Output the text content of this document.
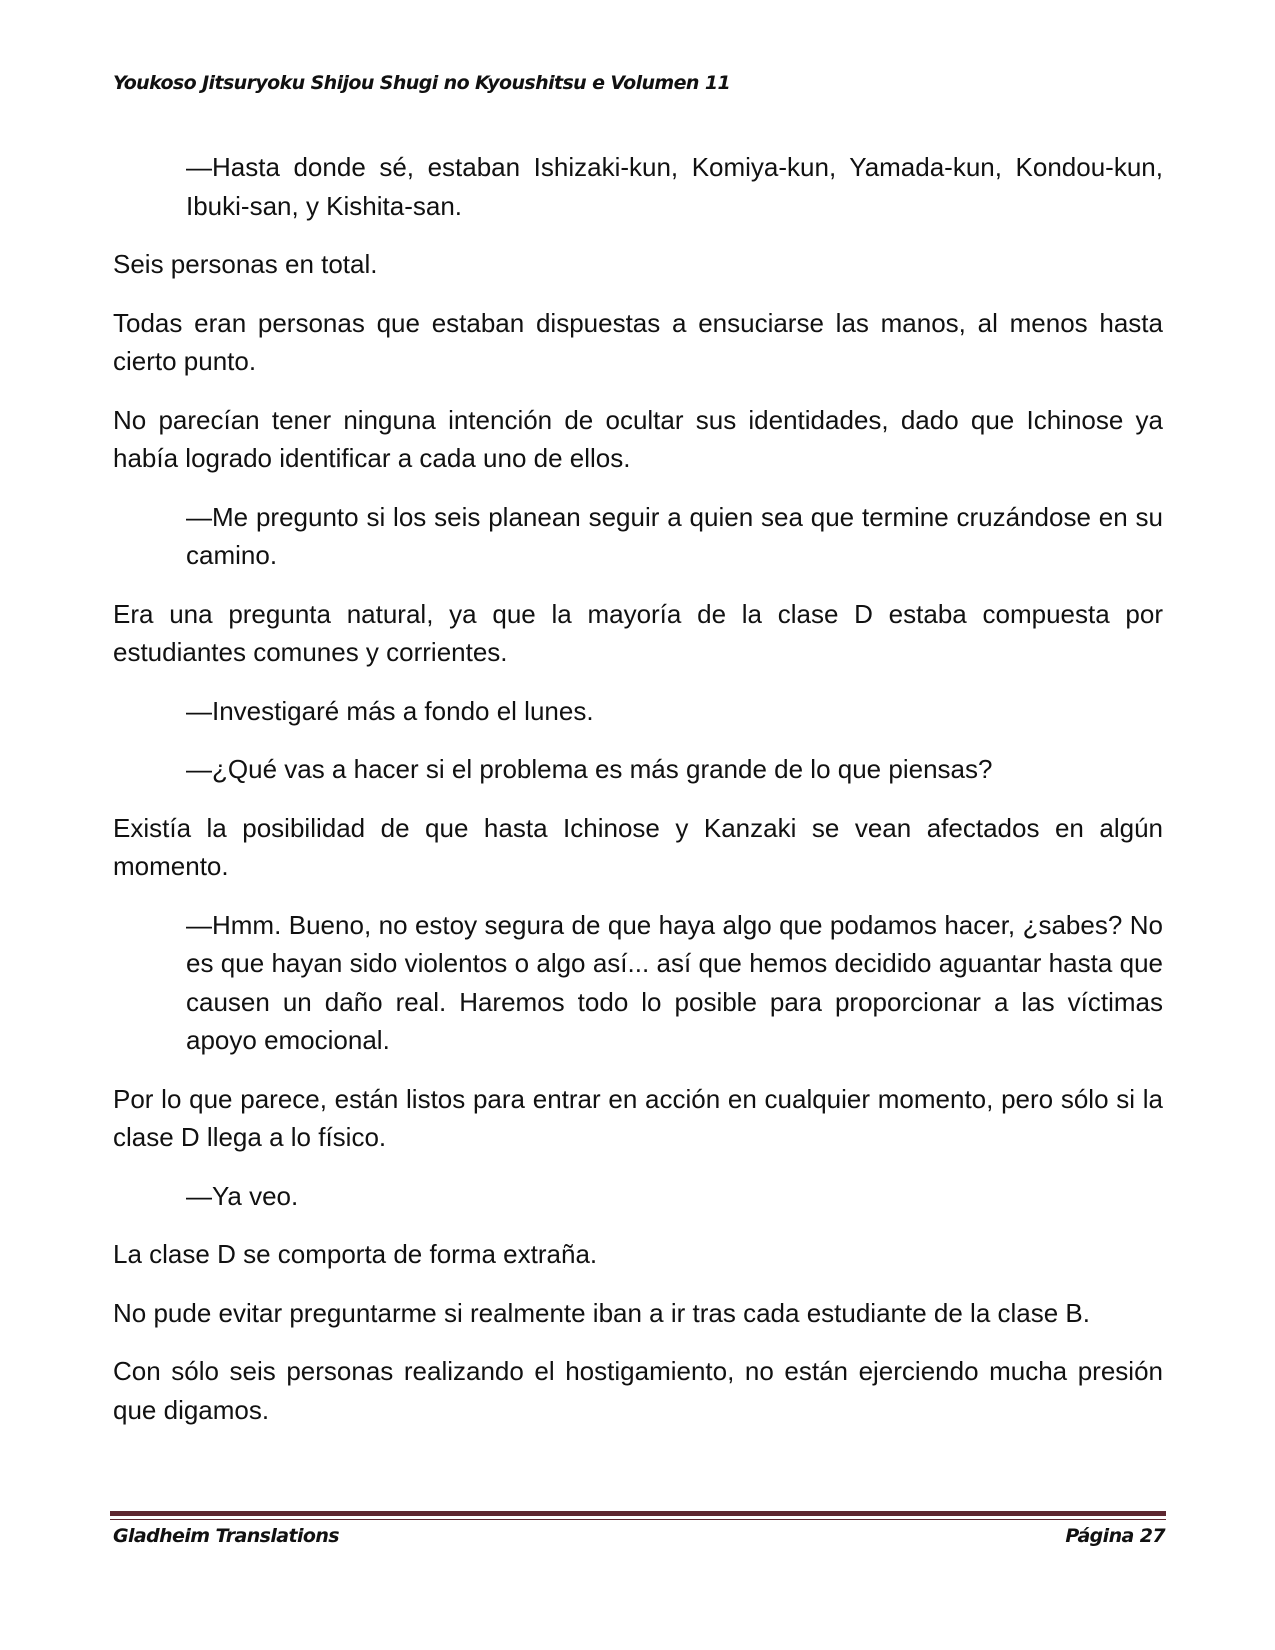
Youkoso Jitsuryoku Shijou Shugi no Kyoushitsu e Volumen 11

—Hasta donde sé, estaban Ishizaki-kun, Komiya-kun, Yamada-kun, Kondou-kun, Ibuki-san, y Kishita-san.

Seis personas en total.

Todas eran personas que estaban dispuestas a ensuciarse las manos, al menos hasta cierto punto.

No parecían tener ninguna intención de ocultar sus identidades, dado que Ichinose ya había logrado identificar a cada uno de ellos.

—Me pregunto si los seis planean seguir a quien sea que termine cruzándose en su camino.

Era una pregunta natural, ya que la mayoría de la clase D estaba compuesta por estudiantes comunes y corrientes.

—Investigaré más a fondo el lunes.

—¿Qué vas a hacer si el problema es más grande de lo que piensas?

Existía la posibilidad de que hasta Ichinose y Kanzaki se vean afectados en algún momento.

—Hmm. Bueno, no estoy segura de que haya algo que podamos hacer, ¿sabes? No es que hayan sido violentos o algo así... así que hemos decidido aguantar hasta que causen un daño real. Haremos todo lo posible para proporcionar a las víctimas apoyo emocional.

Por lo que parece, están listos para entrar en acción en cualquier momento, pero sólo si la clase D llega a lo físico.

—Ya veo.

La clase D se comporta de forma extraña.

No pude evitar preguntarme si realmente iban a ir tras cada estudiante de la clase B.

Con sólo seis personas realizando el hostigamiento, no están ejerciendo mucha presión que digamos.

Gladheim Translations	Página 27
